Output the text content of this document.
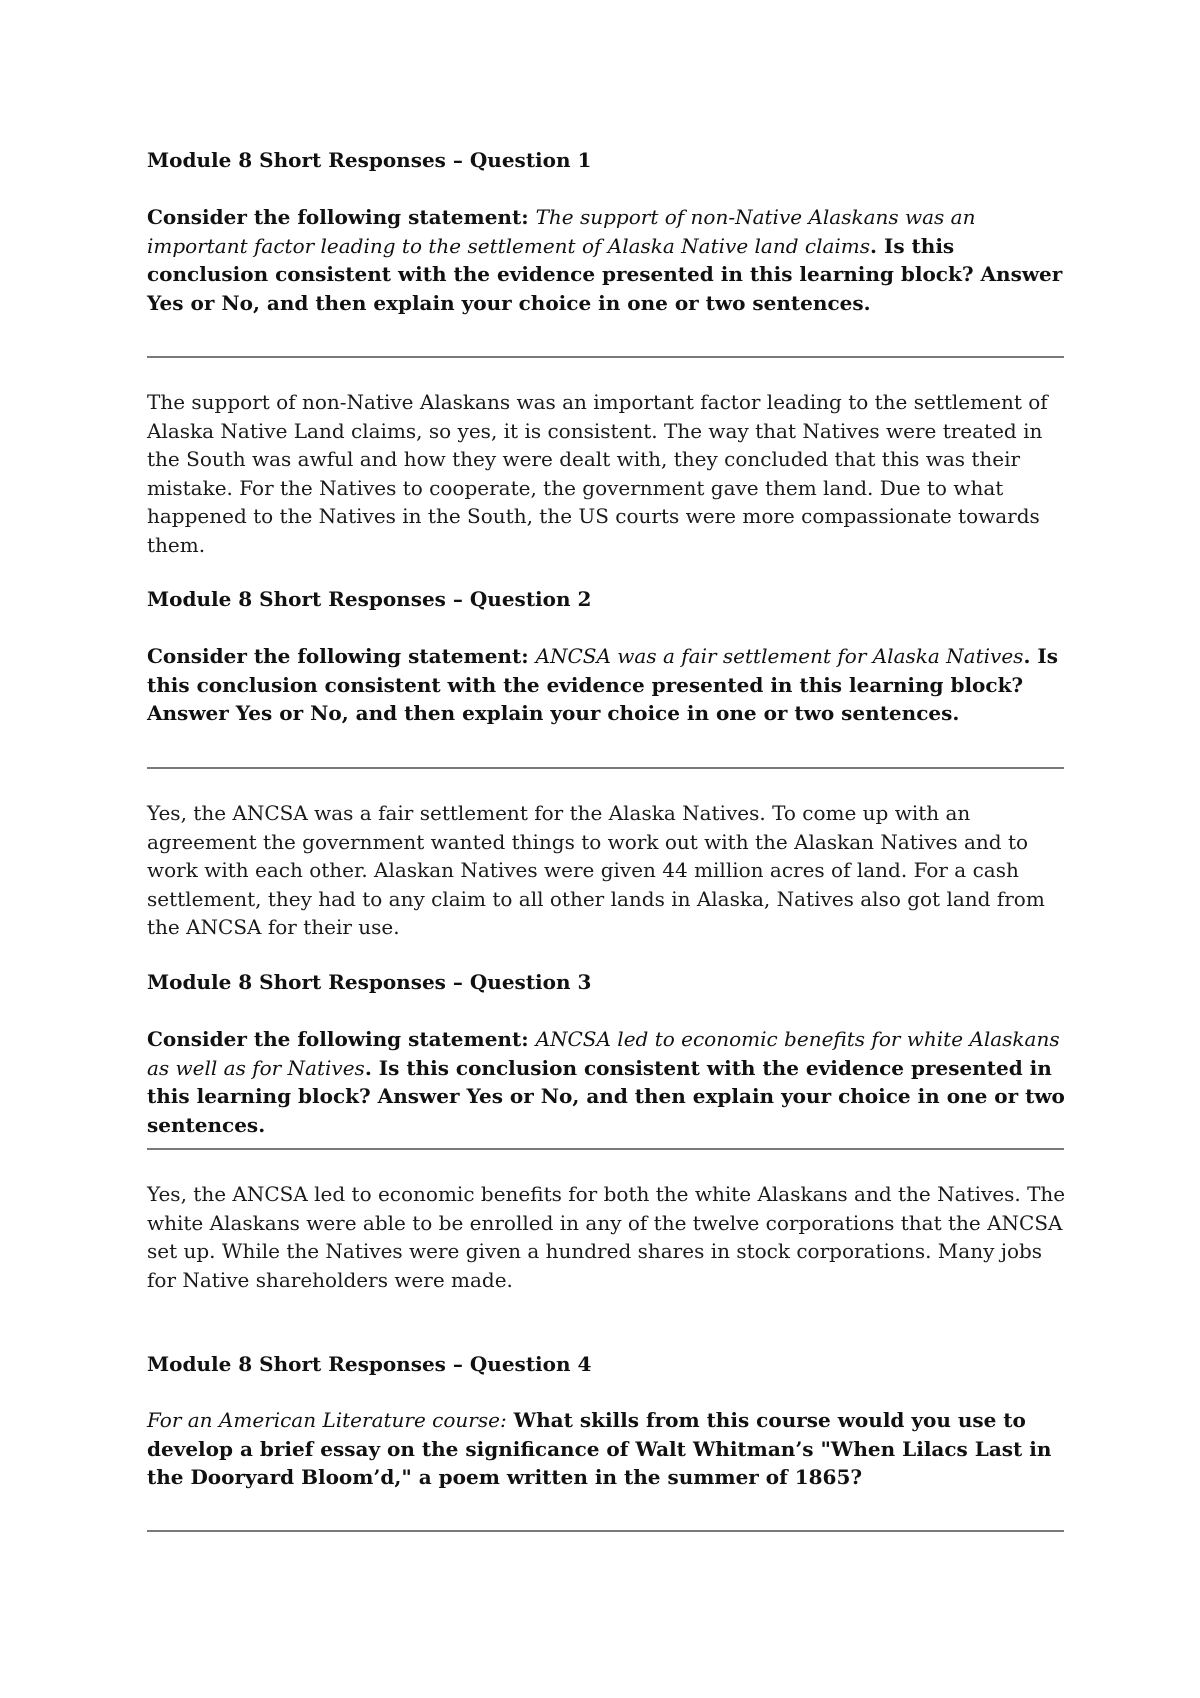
Module 8 Short Responses – Question 1
Consider the following statement: The support of non-Native Alaskans was an important factor leading to the settlement of Alaska Native land claims. Is this conclusion consistent with the evidence presented in this learning block? Answer Yes or No, and then explain your choice in one or two sentences.
The support of non-Native Alaskans was an important factor leading to the settlement of Alaska Native Land claims, so yes, it is consistent. The way that Natives were treated in the South was awful and how they were dealt with, they concluded that this was their mistake. For the Natives to cooperate, the government gave them land. Due to what happened to the Natives in the South, the US courts were more compassionate towards them.
Module 8 Short Responses – Question 2
Consider the following statement: ANCSA was a fair settlement for Alaska Natives. Is this conclusion consistent with the evidence presented in this learning block? Answer Yes or No, and then explain your choice in one or two sentences.
Yes, the ANCSA was a fair settlement for the Alaska Natives. To come up with an agreement the government wanted things to work out with the Alaskan Natives and to work with each other. Alaskan Natives were given 44 million acres of land. For a cash settlement, they had to any claim to all other lands in Alaska, Natives also got land from the ANCSA for their use.
Module 8 Short Responses – Question 3
Consider the following statement: ANCSA led to economic benefits for white Alaskans as well as for Natives. Is this conclusion consistent with the evidence presented in this learning block? Answer Yes or No, and then explain your choice in one or two sentences.
Yes, the ANCSA led to economic benefits for both the white Alaskans and the Natives. The white Alaskans were able to be enrolled in any of the twelve corporations that the ANCSA set up. While the Natives were given a hundred shares in stock corporations. Many jobs for Native shareholders were made.
Module 8 Short Responses – Question 4
For an American Literature course: What skills from this course would you use to develop a brief essay on the significance of Walt Whitman’s "When Lilacs Last in the Dooryard Bloom’d," a poem written in the summer of 1865?
